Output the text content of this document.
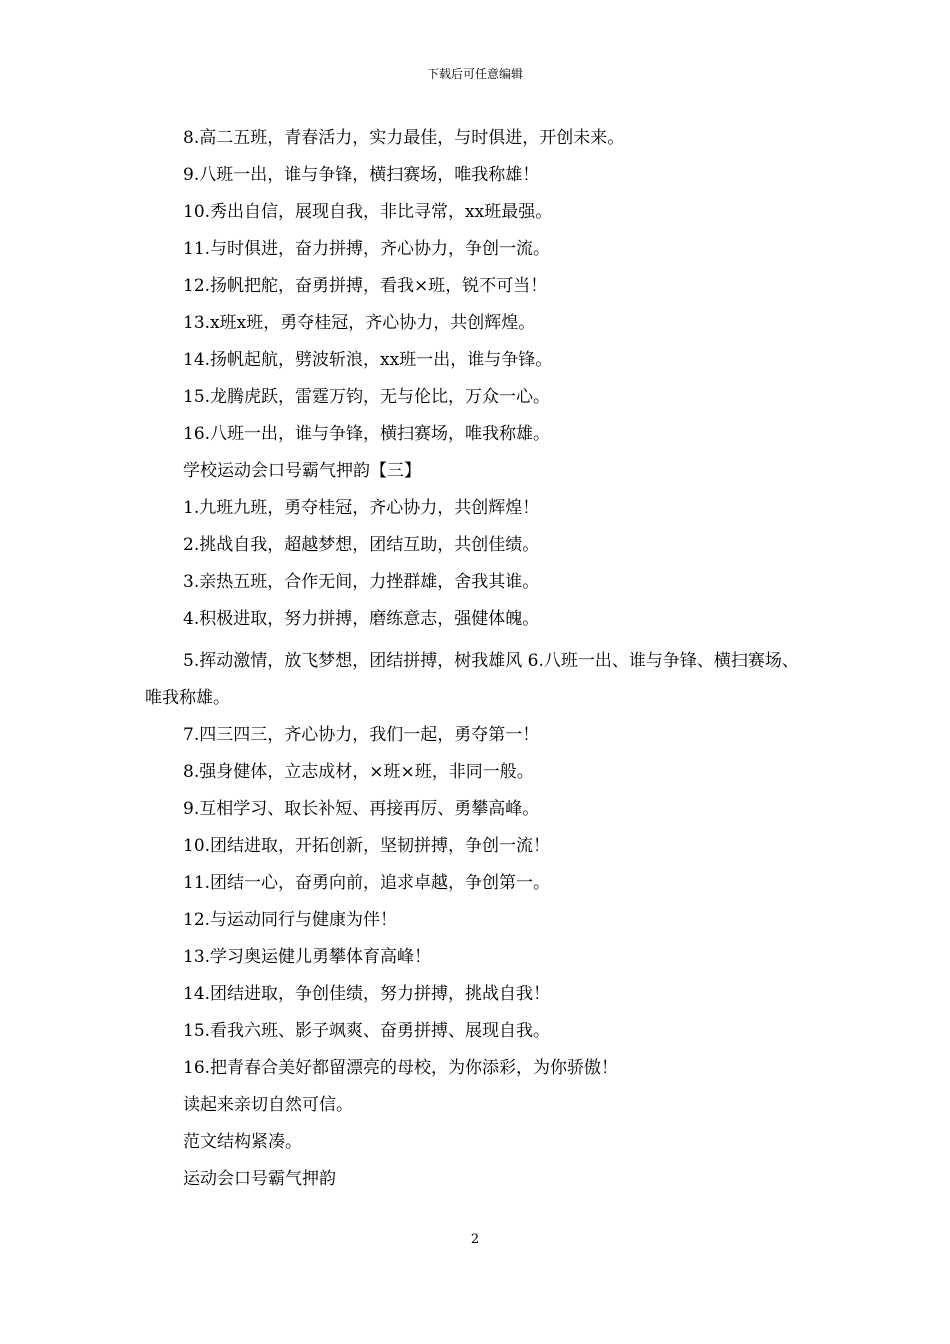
下载后可任意编辑
8.高二五班，青春活力，实力最佳，与时俱进，开创未来。
9.八班一出，谁与争锋，横扫赛场，唯我称雄！
10.秀出自信，展现自我，非比寻常，xx班最强。
11.与时俱进，奋力拼搏，齐心协力，争创一流。
12.扬帆把舵，奋勇拼搏，看我×班，锐不可当！
13.x班x班，勇夺桂冠，齐心协力，共创辉煌。
14.扬帆起航，劈波斩浪，xx班一出，谁与争锋。
15.龙腾虎跃，雷霆万钧，无与伦比，万众一心。
16.八班一出，谁与争锋，横扫赛场，唯我称雄。
学校运动会口号霸气押韵【三】
1.九班九班，勇夺桂冠，齐心协力，共创辉煌！
2.挑战自我，超越梦想，团结互助，共创佳绩。
3.亲热五班，合作无间，力挫群雄，舍我其谁。
4.积极进取，努力拼搏，磨练意志，强健体魄。
5.挥动激情，放飞梦想，团结拼搏，树我雄风 6.八班一出、谁与争锋、横扫赛场、唯我称雄。
7.四三四三，齐心协力，我们一起，勇夺第一！
8.强身健体，立志成材，×班×班，非同一般。
9.互相学习、取长补短、再接再厉、勇攀高峰。
10.团结进取，开拓创新，坚韧拼搏，争创一流！
11.团结一心，奋勇向前，追求卓越，争创第一。
12.与运动同行与健康为伴！
13.学习奥运健儿勇攀体育高峰！
14.团结进取，争创佳绩，努力拼搏，挑战自我！
15.看我六班、影子飒爽、奋勇拼搏、展现自我。
16.把青春合美好都留漂亮的母校，为你添彩，为你骄傲！
读起来亲切自然可信。
范文结构紧凑。
运动会口号霸气押韵
2
